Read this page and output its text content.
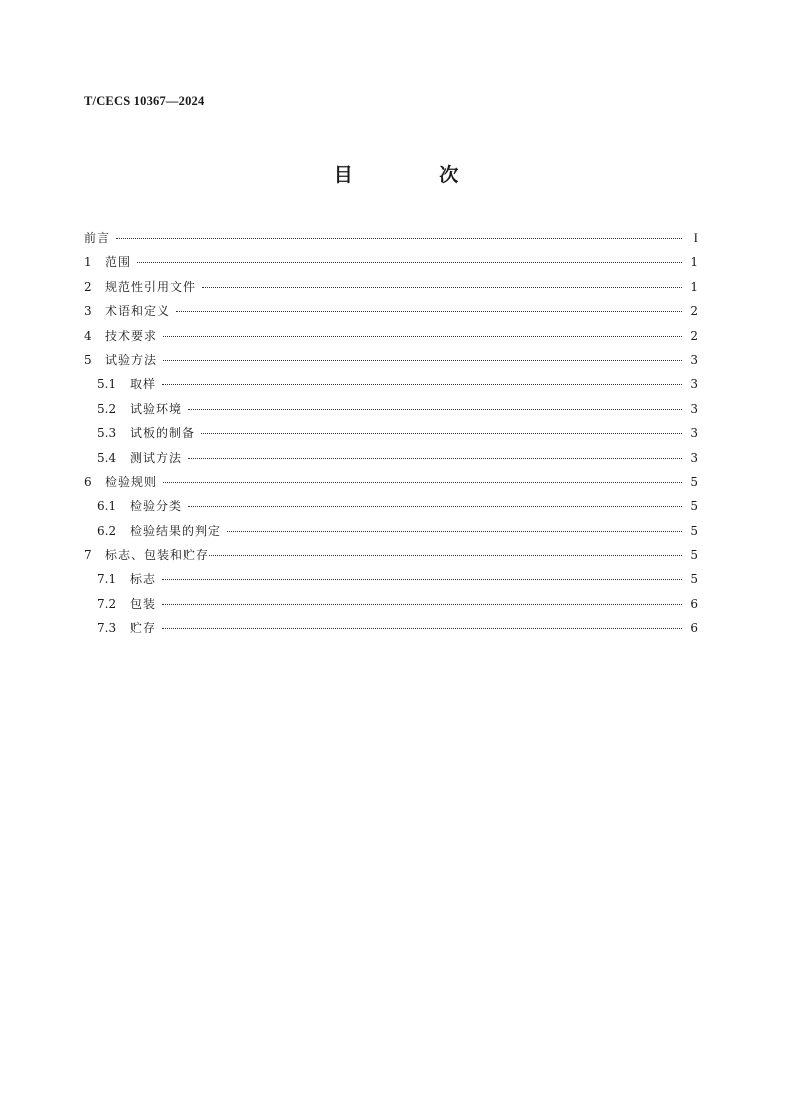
T/CECS 10367—2024
目 次
前言	I
1	范围	1
2	规范性引用文件	1
3	术语和定义	2
4	技术要求	2
5	试验方法	3
5.1	取样	3
5.2	试验环境	3
5.3	试板的制备	3
5.4	测试方法	3
6	检验规则	5
6.1	检验分类	5
6.2	检验结果的判定	5
7	标志、包装和贮存	5
7.1	标志	5
7.2	包装	6
7.3	贮存	6
